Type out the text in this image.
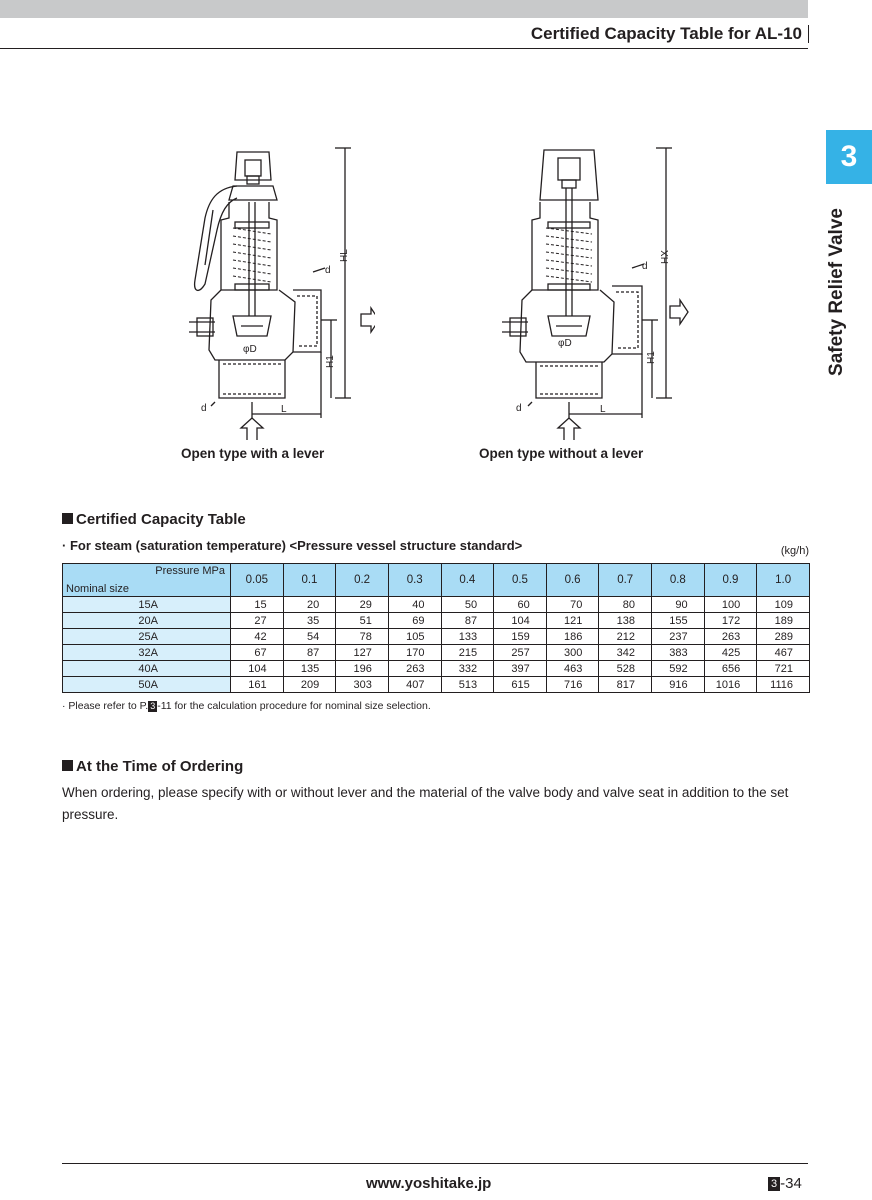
Certified Capacity Table for AL-10
3
Safety Relief Valve
d
HL
H1
L
d
φD
d
HX
H1
L
d
φD
Open type with a lever	Open type without a lever
Certified Capacity Table
· For steam (saturation temperature) <Pressure vessel structure standard>	(kg/h)
Pressure MPa
Nominal size	0.05	0.1	0.2	0.3	0.4	0.5	0.6	0.7	0.8	0.9	1.0
15A	15	20	29	40	50	60	70	80	90	100	109
20A	27	35	51	69	87	104	121	138	155	172	189
25A	42	54	78	105	133	159	186	212	237	263	289
32A	67	87	127	170	215	257	300	342	383	425	467
40A	104	135	196	263	332	397	463	528	592	656	721
50A	161	209	303	407	513	615	716	817	916	1016	1116
· Please refer to P. 3 -11 for the calculation procedure for nominal size selection.
At the Time of Ordering
When ordering, please specify with or without lever and the material of the valve body and valve seat in addition to the set pressure.
www.yoshitake.jp	3 -34
